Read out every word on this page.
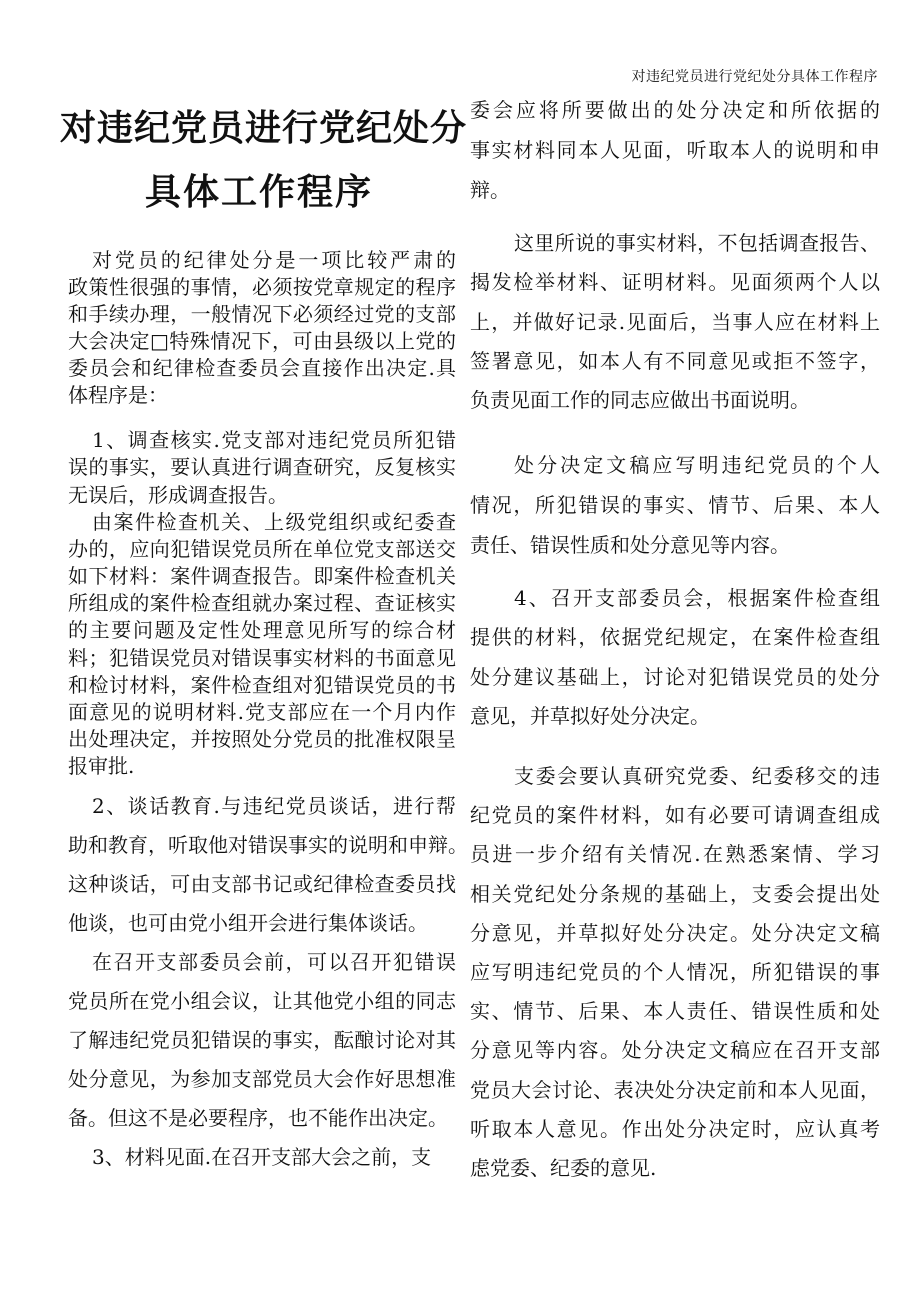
对违纪党员进行党纪处分具体工作程序
对违纪党员进行党纪处分
具体工作程序
对党员的纪律处分是一项比较严肃的
政策性很强的事情，必须按党章规定的程序
和手续办理，一般情况下必须经过党的支部
大会决定□特殊情况下，可由县级以上党的
委员会和纪律检查委员会直接作出决定.具
体程序是：
1、调查核实.党支部对违纪党员所犯错
误的事实，要认真进行调查研究，反复核实
无误后，形成调查报告。
由案件检查机关、上级党组织或纪委查
办的，应向犯错误党员所在单位党支部送交
如下材料：案件调查报告。即案件检查机关
所组成的案件检查组就办案过程、查证核实
的主要问题及定性处理意见所写的综合材
料；犯错误党员对错误事实材料的书面意见
和检讨材料，案件检查组对犯错误党员的书
面意见的说明材料.党支部应在一个月内作
出处理决定，并按照处分党员的批准权限呈
报审批.
2、谈话教育.与违纪党员谈话，进行帮
助和教育，听取他对错误事实的说明和申辩。
这种谈话，可由支部书记或纪律检查委员找
他谈，也可由党小组开会进行集体谈话。
在召开支部委员会前，可以召开犯错误
党员所在党小组会议，让其他党小组的同志
了解违纪党员犯错误的事实，酝酿讨论对其
处分意见，为参加支部党员大会作好思想准
备。但这不是必要程序，也不能作出决定。
3、材料见面.在召开支部大会之前，支
委会应将所要做出的处分决定和所依据的
事实材料同本人见面，听取本人的说明和申
辩。
这里所说的事实材料，不包括调查报告、
揭发检举材料、证明材料。见面须两个人以
上，并做好记录.见面后，当事人应在材料上
签署意见，如本人有不同意见或拒不签字，
负责见面工作的同志应做出书面说明。
处分决定文稿应写明违纪党员的个人
情况，所犯错误的事实、情节、后果、本人
责任、错误性质和处分意见等内容。
4、召开支部委员会，根据案件检查组
提供的材料，依据党纪规定，在案件检查组
处分建议基础上，讨论对犯错误党员的处分
意见，并草拟好处分决定。
支委会要认真研究党委、纪委移交的违
纪党员的案件材料，如有必要可请调查组成
员进一步介绍有关情况.在熟悉案情、学习
相关党纪处分条规的基础上，支委会提出处
分意见，并草拟好处分决定。处分决定文稿
应写明违纪党员的个人情况，所犯错误的事
实、情节、后果、本人责任、错误性质和处
分意见等内容。处分决定文稿应在召开支部
党员大会讨论、表决处分决定前和本人见面，
听取本人意见。作出处分决定时，应认真考
虑党委、纪委的意见.
